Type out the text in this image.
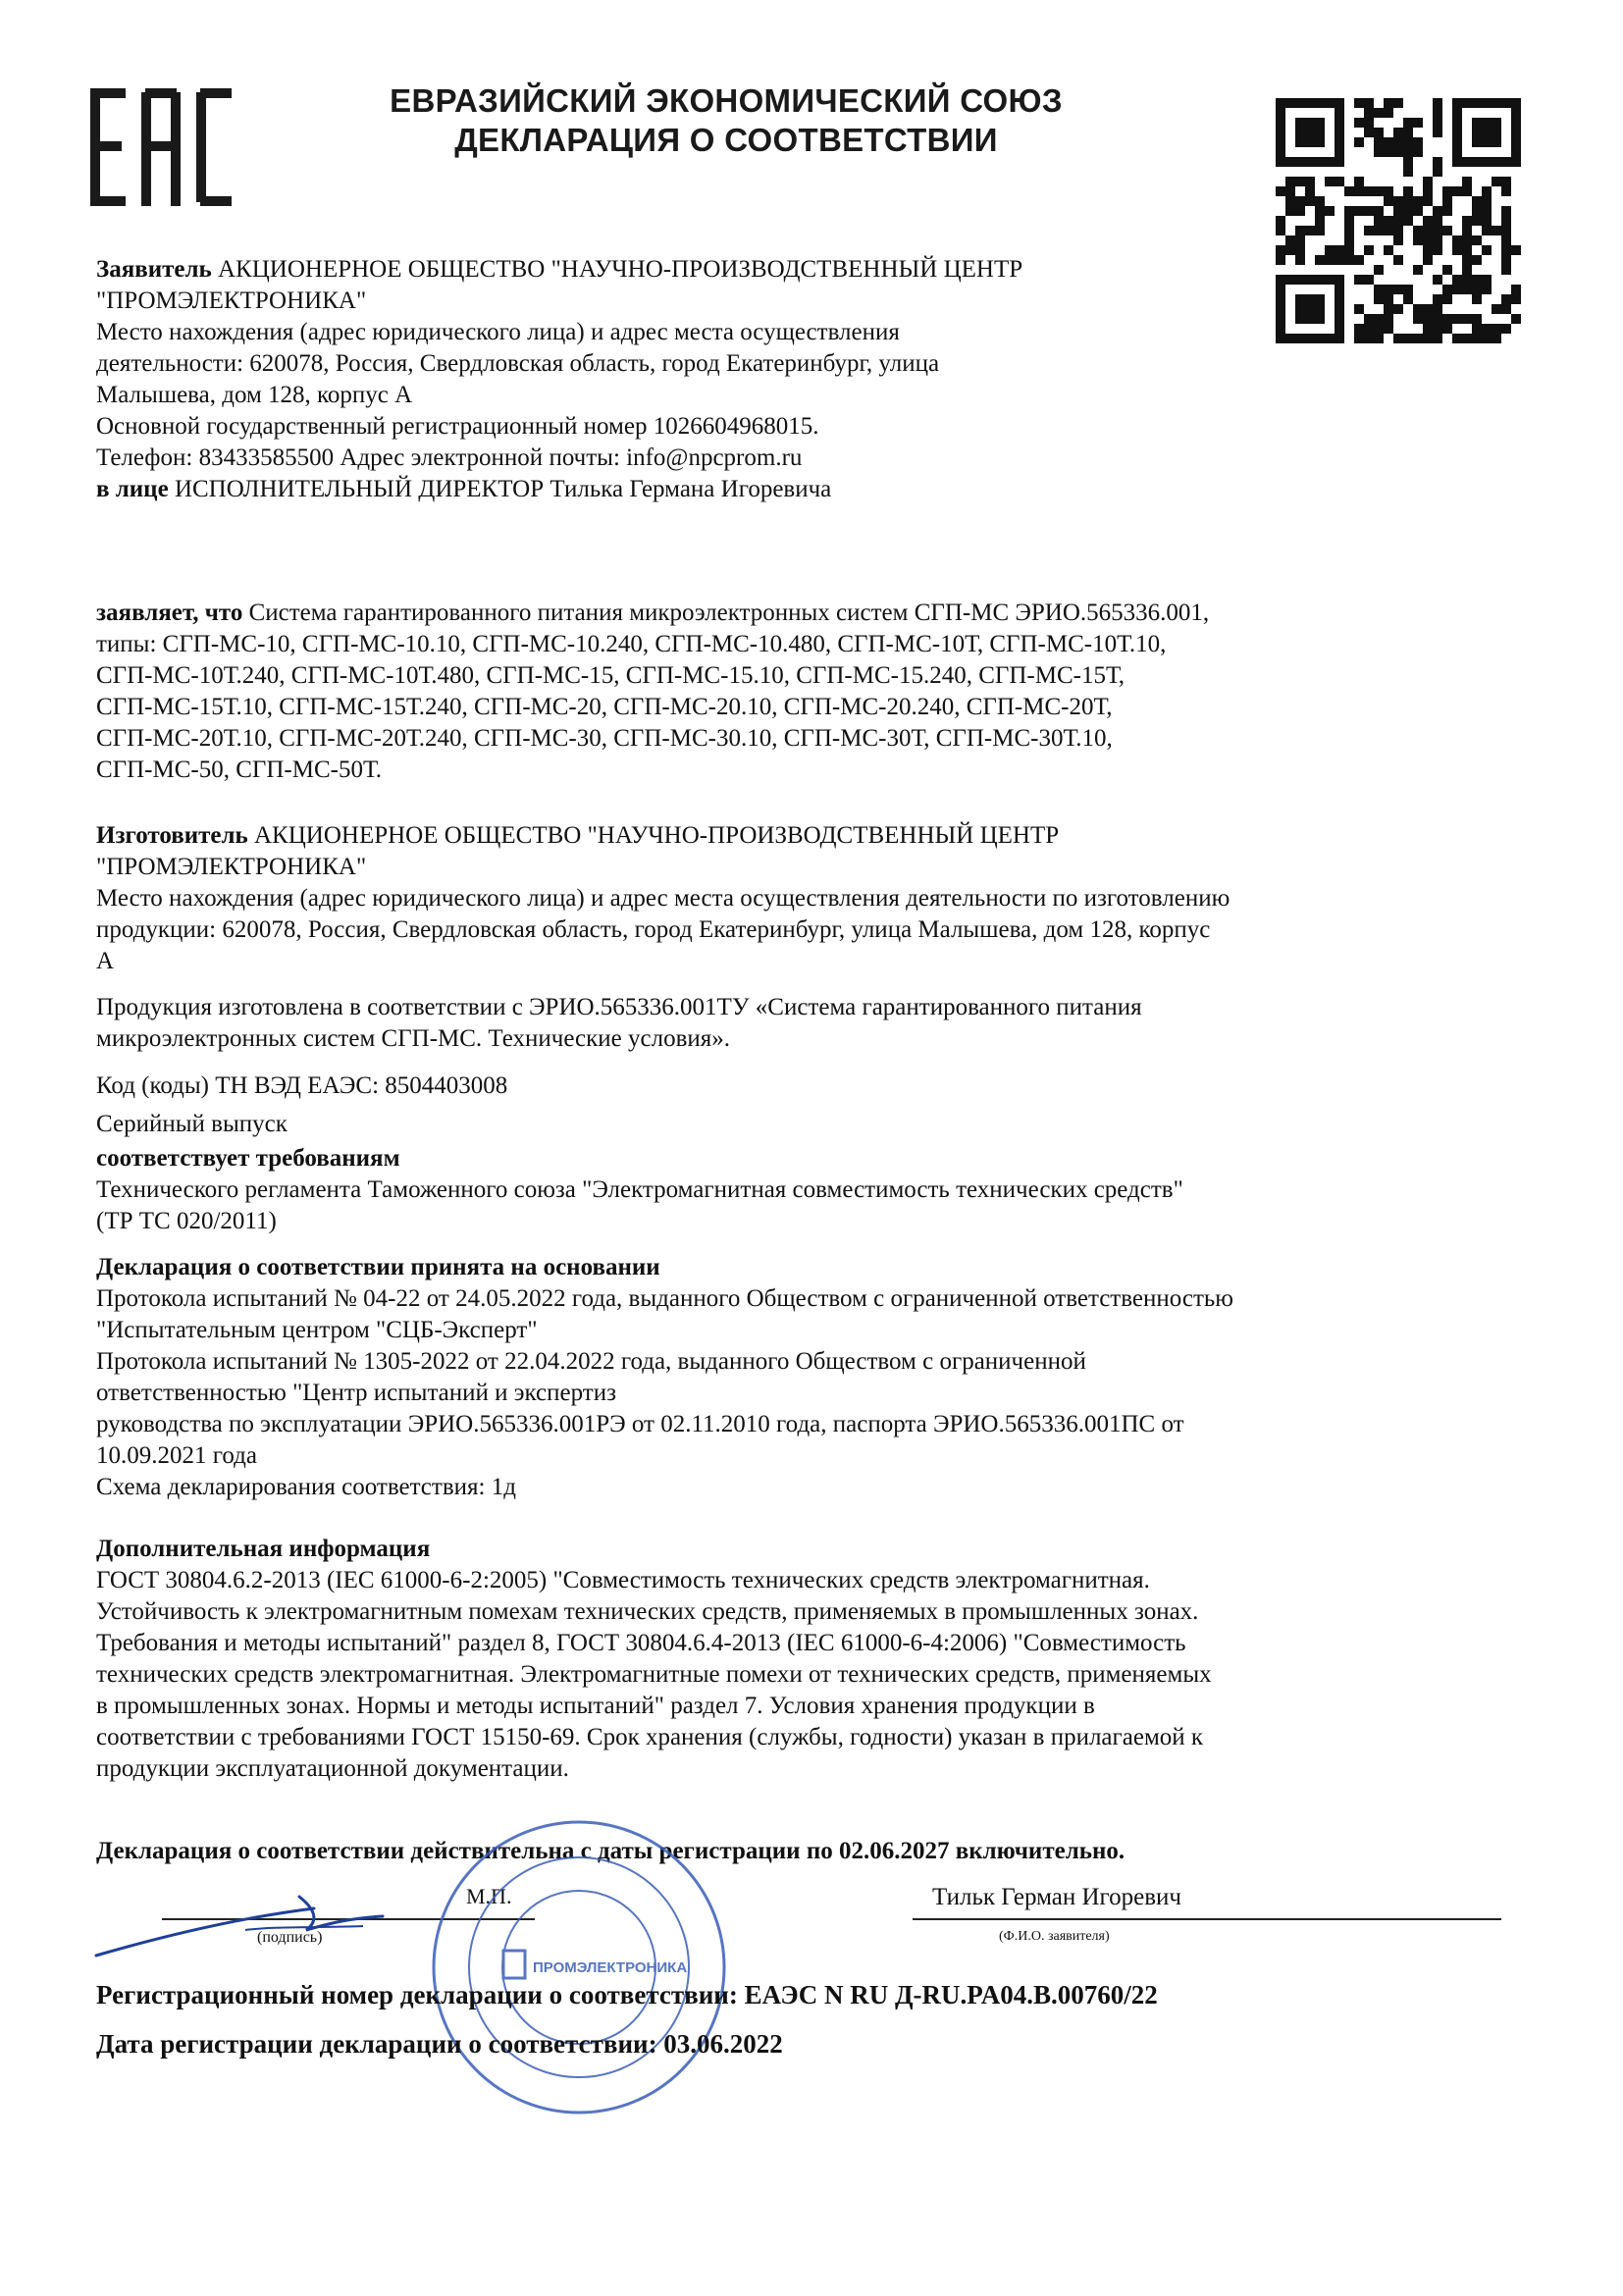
ЕВРАЗИЙСКИЙ ЭКОНОМИЧЕСКИЙ СОЮЗ
ДЕКЛАРАЦИЯ О СООТВЕТСТВИИ
Заявитель АКЦИОНЕРНОЕ ОБЩЕСТВО "НАУЧНО-ПРОИЗВОДСТВЕННЫЙ ЦЕНТР
"ПРОМЭЛЕКТРОНИКА"
Место нахождения (адрес юридического лица) и адрес места осуществления
деятельности: 620078, Россия, Свердловская область, город Екатеринбург, улица
Малышева, дом 128, корпус А
Основной государственный регистрационный номер 1026604968015.
Телефон: 83433585500 Адрес электронной почты: info@npcprom.ru
в лице ИСПОЛНИТЕЛЬНЫЙ ДИРЕКТОР Тилька Германа Игоревича
заявляет, что Система гарантированного питания микроэлектронных систем СГП-МС ЭРИО.565336.001,
типы: СГП-МС-10, СГП-МС-10.10, СГП-МС-10.240, СГП-МС-10.480, СГП-МС-10Т, СГП-МС-10Т.10,
СГП-МС-10Т.240, СГП-МС-10Т.480, СГП-МС-15, СГП-МС-15.10, СГП-МС-15.240, СГП-МС-15Т,
СГП-МС-15Т.10, СГП-МС-15Т.240, СГП-МС-20, СГП-МС-20.10, СГП-МС-20.240, СГП-МС-20Т,
СГП-МС-20Т.10, СГП-МС-20Т.240, СГП-МС-30, СГП-МС-30.10, СГП-МС-30Т, СГП-МС-30Т.10,
СГП-МС-50, СГП-МС-50Т.
Изготовитель АКЦИОНЕРНОЕ ОБЩЕСТВО "НАУЧНО-ПРОИЗВОДСТВЕННЫЙ ЦЕНТР
"ПРОМЭЛЕКТРОНИКА"
Место нахождения (адрес юридического лица) и адрес места осуществления деятельности по изготовлению
продукции: 620078, Россия, Свердловская область, город Екатеринбург, улица Малышева, дом 128, корпус
А
Продукция изготовлена в соответствии с ЭРИО.565336.001ТУ «Система гарантированного питания
микроэлектронных систем СГП-МС. Технические условия».
Код (коды) ТН ВЭД ЕАЭС: 8504403008
Серийный выпуск
соответствует требованиям
Технического регламента Таможенного союза "Электромагнитная совместимость технических средств"
(ТР ТС 020/2011)
Декларация о соответствии принята на основании
Протокола испытаний № 04-22 от 24.05.2022 года, выданного Обществом с ограниченной ответственностью
"Испытательным центром "СЦБ-Эксперт"
Протокола испытаний № 1305-2022 от 22.04.2022 года, выданного Обществом с ограниченной
ответственностью "Центр испытаний и экспертиз
руководства по эксплуатации ЭРИО.565336.001РЭ от 02.11.2010 года, паспорта ЭРИО.565336.001ПС от
10.09.2021 года
Схема декларирования соответствия: 1д
Дополнительная информация
ГОСТ 30804.6.2-2013 (IEC 61000-6-2:2005) "Совместимость технических средств электромагнитная.
Устойчивость к электромагнитным помехам технических средств, применяемых в промышленных зонах.
Требования и методы испытаний" раздел 8, ГОСТ 30804.6.4-2013 (IEC 61000-6-4:2006) "Совместимость
технических средств электромагнитная. Электромагнитные помехи от технических средств, применяемых
в промышленных зонах. Нормы и методы испытаний" раздел 7. Условия хранения продукции в
соответствии с требованиями ГОСТ 15150-69. Срок хранения (службы, годности) указан в прилагаемой к
продукции эксплуатационной документации.
Декларация о соответствии действительна с даты регистрации по 02.06.2027 включительно.
М.П.	Тильк Герман Игоревич
(подпись)	(Ф.И.О. заявителя)
ПРОМЭЛЕКТРОНИКА
Регистрационный номер декларации о соответствии: ЕАЭС N RU Д-RU.PA04.B.00760/22
Дата регистрации декларации о соответствии: 03.06.2022
